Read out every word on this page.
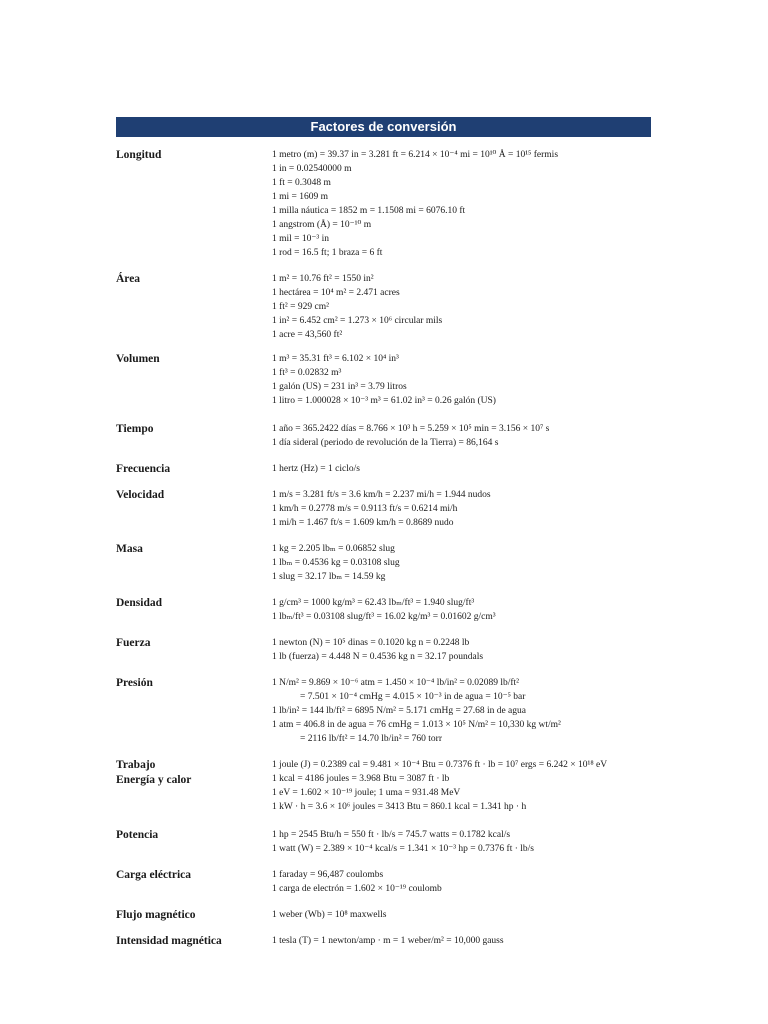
Factores de conversión
Longitud	1 metro (m) = 39.37 in = 3.281 ft = 6.214 × 10⁻⁴ mi = 10¹⁰ Å = 10¹⁵ fermis
1 in = 0.02540000 m
1 ft = 0.3048 m
1 mi = 1609 m
1 milla náutica = 1852 m = 1.1508 mi = 6076.10 ft
1 angstrom (Å) = 10⁻¹⁰ m
1 mil = 10⁻³ in
1 rod = 16.5 ft; 1 braza = 6 ft
Área	1 m² = 10.76 ft² = 1550 in²
1 hectárea = 10⁴ m² = 2.471 acres
1 ft² = 929 cm²
1 in² = 6.452 cm² = 1.273 × 10⁶ circular mils
1 acre = 43,560 ft²
Volumen	1 m³ = 35.31 ft³ = 6.102 × 10⁴ in³
1 ft³ = 0.02832 m³
1 galón (US) = 231 in³ = 3.79 litros
1 litro = 1.000028 × 10⁻³ m³ = 61.02 in³ = 0.26 galón (US)
Tiempo	1 año = 365.2422 días = 8.766 × 10³ h = 5.259 × 10⁵ min = 3.156 × 10⁷ s
1 día sideral (periodo de revolución de la Tierra) = 86,164 s
Frecuencia	1 hertz (Hz) = 1 ciclo/s
Velocidad	1 m/s = 3.281 ft/s = 3.6 km/h = 2.237 mi/h = 1.944 nudos
1 km/h = 0.2778 m/s = 0.9113 ft/s = 0.6214 mi/h
1 mi/h = 1.467 ft/s = 1.609 km/h = 0.8689 nudo
Masa	1 kg = 2.205 lbₘ = 0.06852 slug
1 lbₘ = 0.4536 kg = 0.03108 slug
1 slug = 32.17 lbₘ = 14.59 kg
Densidad	1 g/cm³ = 1000 kg/m³ = 62.43 lbₘ/ft³ = 1.940 slug/ft³
1 lbₘ/ft³ = 0.03108 slug/ft³ = 16.02 kg/m³ = 0.01602 g/cm³
Fuerza	1 newton (N) = 10⁵ dinas = 0.1020 kg n = 0.2248 lb
1 lb (fuerza) = 4.448 N = 0.4536 kg n = 32.17 poundals
Presión	1 N/m² = 9.869 × 10⁻⁶ atm = 1.450 × 10⁻⁴ lb/in² = 0.02089 lb/ft²
= 7.501 × 10⁻⁴ cmHg = 4.015 × 10⁻³ in de agua = 10⁻⁵ bar
1 lb/in² = 144 lb/ft² = 6895 N/m² = 5.171 cmHg = 27.68 in de agua
1 atm = 406.8 in de agua = 76 cmHg = 1.013 × 10⁵ N/m² = 10,330 kg wt/m²
= 2116 lb/ft² = 14.70 lb/in² = 760 torr
Trabajo
Energía y calor
1 joule (J) = 0.2389 cal = 9.481 × 10⁻⁴ Btu = 0.7376 ft · lb = 10⁷ ergs = 6.242 × 10¹⁸ eV
1 kcal = 4186 joules = 3.968 Btu = 3087 ft · lb
1 eV = 1.602 × 10⁻¹⁹ joule; 1 uma = 931.48 MeV
1 kW · h = 3.6 × 10⁶ joules = 3413 Btu = 860.1 kcal = 1.341 hp · h
Potencia	1 hp = 2545 Btu/h = 550 ft · lb/s = 745.7 watts = 0.1782 kcal/s
1 watt (W) = 2.389 × 10⁻⁴ kcal/s = 1.341 × 10⁻³ hp = 0.7376 ft · lb/s
Carga eléctrica	1 faraday = 96,487 coulombs
1 carga de electrón = 1.602 × 10⁻¹⁹ coulomb
Flujo magnético	1 weber (Wb) = 10⁸ maxwells
Intensidad magnética	1 tesla (T) = 1 newton/amp · m = 1 weber/m² = 10,000 gauss
